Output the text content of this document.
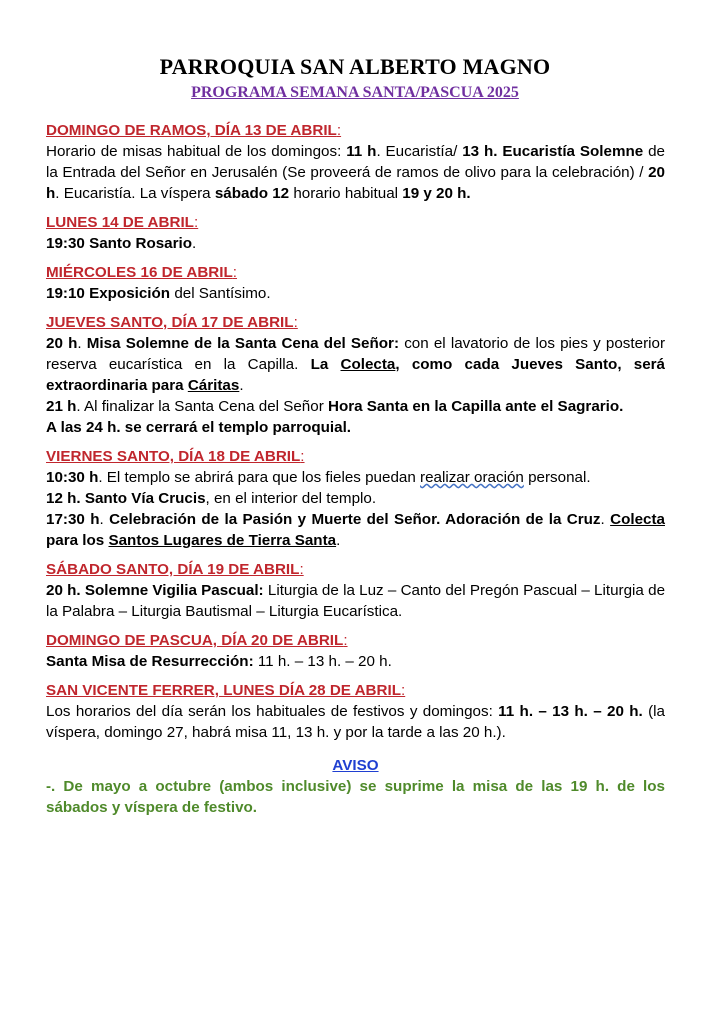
PARROQUIA SAN ALBERTO MAGNO
PROGRAMA SEMANA SANTA/PASCUA 2025
DOMINGO DE RAMOS, DÍA 13 DE ABRIL:

Horario de misas habitual de los domingos: 11 h. Eucaristía/ 13 h. Eucaristía Solemne de la Entrada del Señor en Jerusalén (Se proveerá de ramos de olivo para la celebración) / 20 h. Eucaristía. La víspera sábado 12 horario habitual 19 y 20 h.

LUNES 14 DE ABRIL:

19:30 Santo Rosario.

MIÉRCOLES 16 DE ABRIL:

19:10 Exposición del Santísimo.

JUEVES SANTO, DÍA 17 DE ABRIL:

20 h. Misa Solemne de la Santa Cena del Señor: con el lavatorio de los pies y posterior reserva eucarística en la Capilla. La Colecta, como cada Jueves Santo, será extraordinaria para Cáritas.

21 h. Al finalizar la Santa Cena del Señor Hora Santa en la Capilla ante el Sagrario.

A las 24 h. se cerrará el templo parroquial.

VIERNES SANTO, DÍA 18 DE ABRIL:

10:30 h. El templo se abrirá para que los fieles puedan realizar oración personal.

12 h. Santo Vía Crucis, en el interior del templo.

17:30 h. Celebración de la Pasión y Muerte del Señor. Adoración de la Cruz. Colecta para los Santos Lugares de Tierra Santa.

SÁBADO SANTO, DÍA 19 DE ABRIL:

20 h. Solemne Vigilia Pascual: Liturgia de la Luz – Canto del Pregón Pascual – Liturgia de la Palabra – Liturgia Bautismal – Liturgia Eucarística.

DOMINGO DE PASCUA, DÍA 20 DE ABRIL:

Santa Misa de Resurrección: 11 h. – 13 h. – 20 h.

SAN VICENTE FERRER, LUNES DÍA 28 DE ABRIL:

Los horarios del día serán los habituales de festivos y domingos: 11 h. – 13 h. – 20 h. (la víspera, domingo 27, habrá misa 11, 13 h. y por la tarde a las 20 h.).

AVISO

-. De mayo a octubre (ambos inclusive) se suprime la misa de las 19 h. de los sábados y víspera de festivo.
